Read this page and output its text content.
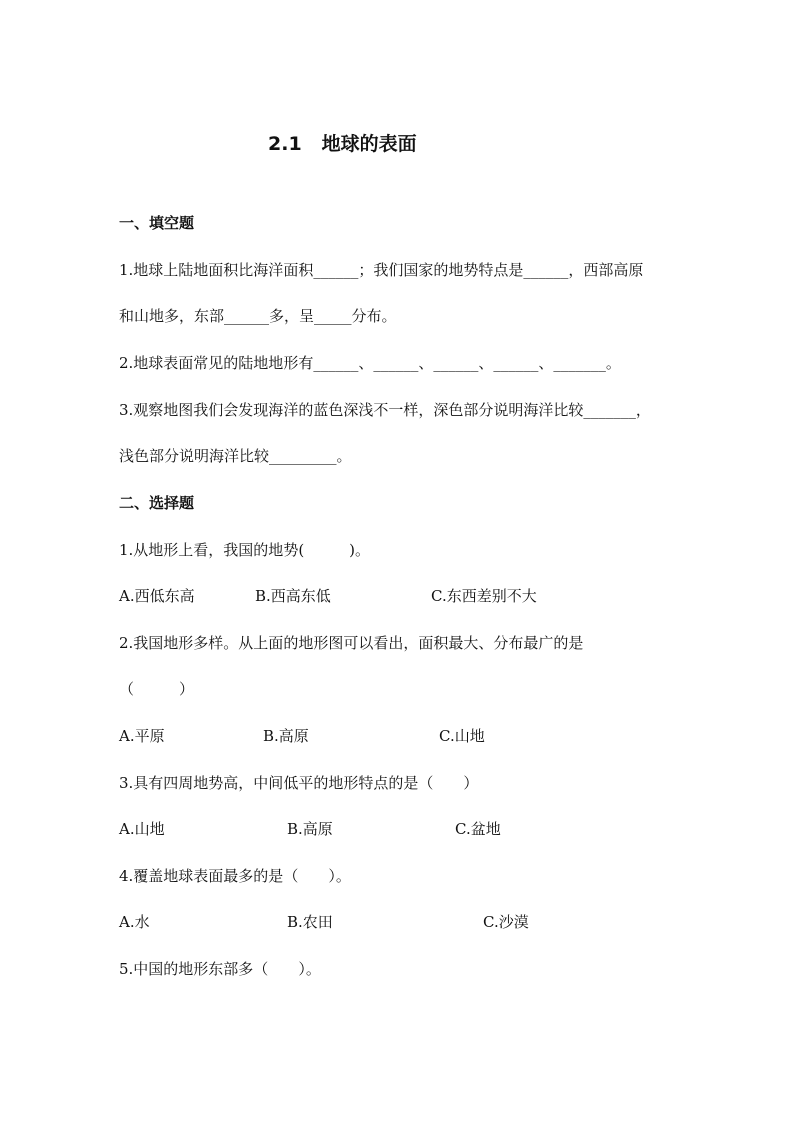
2.1 地球的表面
一、填空题
1.地球上陆地面积比海洋面积______；我们国家的地势特点是______，西部高原
和山地多，东部______多，呈_____分布。
2.地球表面常见的陆地地形有______、______、______、______、_______。
3.观察地图我们会发现海洋的蓝色深浅不一样，深色部分说明海洋比较_______，
浅色部分说明海洋比较_________。
二、选择题
1.从地形上看，我国的地势(　　　)。
A.西低东高	B.西高东低	C.东西差别不大
2.我国地形多样。从上面的地形图可以看出，面积最大、分布最广的是
（　　　）
A.平原	B.高原	C.山地
3.具有四周地势高，中间低平的地形特点的是（　　）
A.山地	B.高原	C.盆地
4.覆盖地球表面最多的是（　　）。
A.水	B.农田	C.沙漠
5.中国的地形东部多（　　）。
